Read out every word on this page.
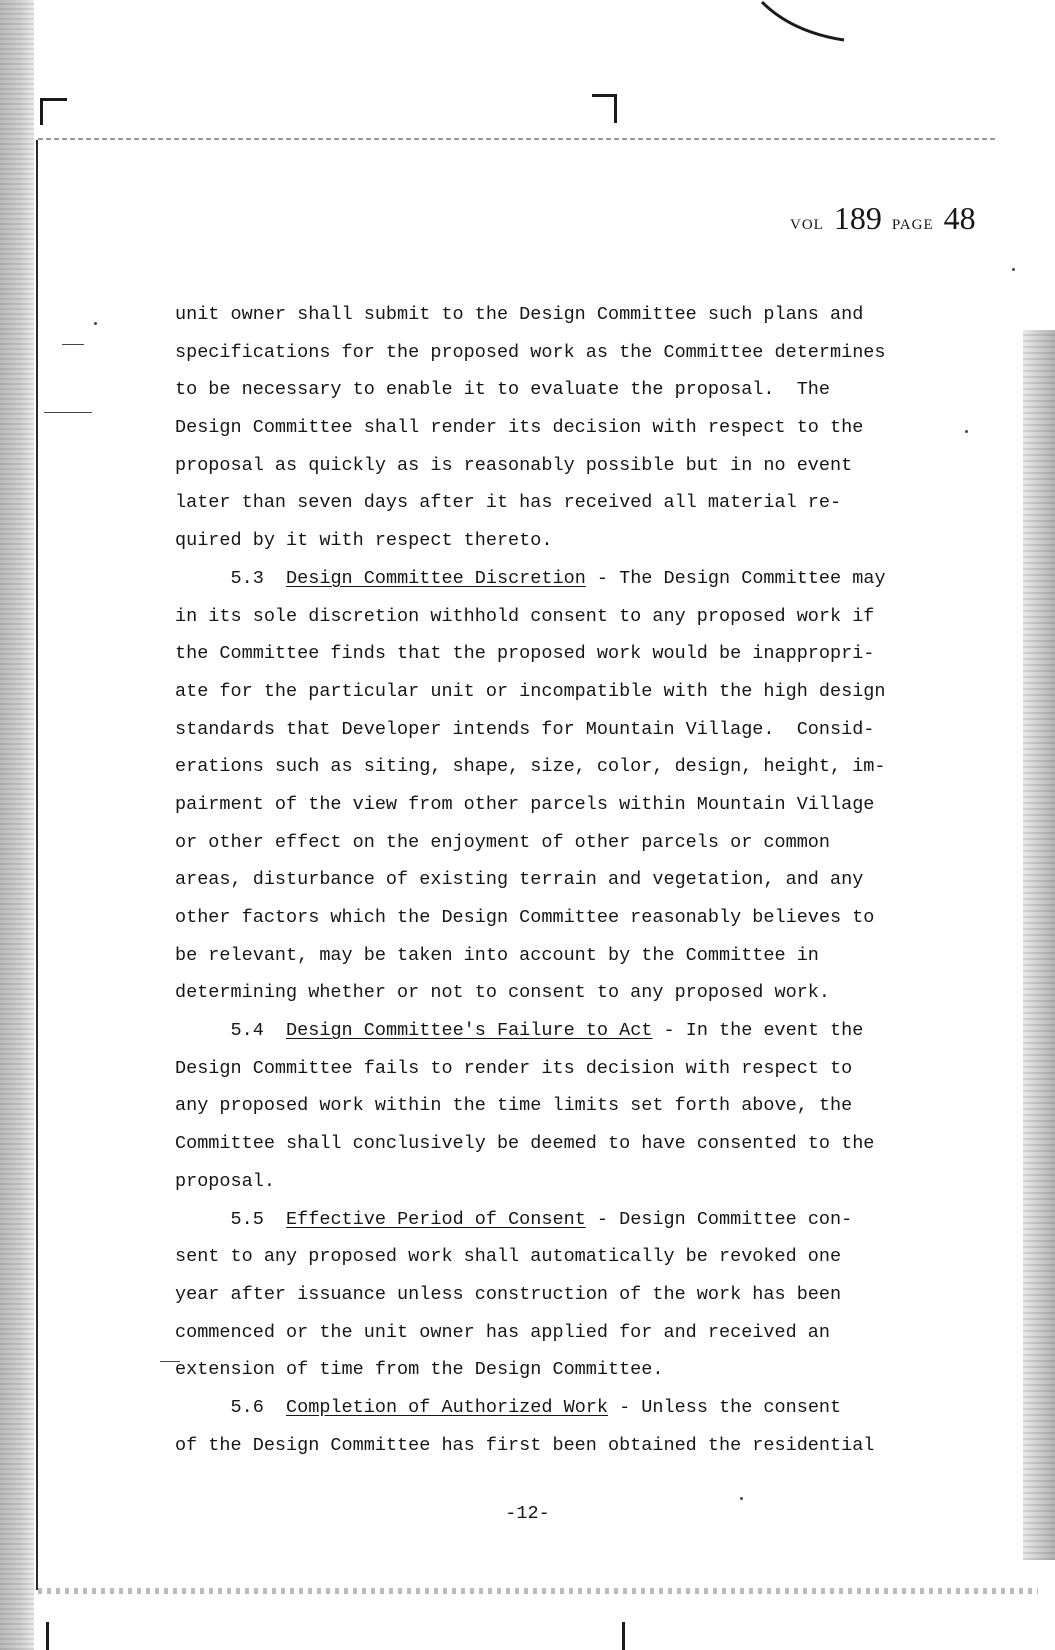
VOL 189 PAGE 48
unit owner shall submit to the Design Committee such plans and
specifications for the proposed work as the Committee determines
to be necessary to enable it to evaluate the proposal.  The
Design Committee shall render its decision with respect to the
proposal as quickly as is reasonably possible but in no event
later than seven days after it has received all material re-
quired by it with respect thereto.
5.3 Design Committee Discretion - The Design Committee may
in its sole discretion withhold consent to any proposed work if
the Committee finds that the proposed work would be inappropri-
ate for the particular unit or incompatible with the high design
standards that Developer intends for Mountain Village.  Consid-
erations such as siting, shape, size, color, design, height, im-
pairment of the view from other parcels within Mountain Village
or other effect on the enjoyment of other parcels or common
areas, disturbance of existing terrain and vegetation, and any
other factors which the Design Committee reasonably believes to
be relevant, may be taken into account by the Committee in
determining whether or not to consent to any proposed work.
5.4 Design Committee's Failure to Act - In the event the
Design Committee fails to render its decision with respect to
any proposed work within the time limits set forth above, the
Committee shall conclusively be deemed to have consented to the
proposal.
5.5 Effective Period of Consent - Design Committee con-
sent to any proposed work shall automatically be revoked one
year after issuance unless construction of the work has been
commenced or the unit owner has applied for and received an
extension of time from the Design Committee.
5.6 Completion of Authorized Work - Unless the consent
of the Design Committee has first been obtained the residential
-12-
